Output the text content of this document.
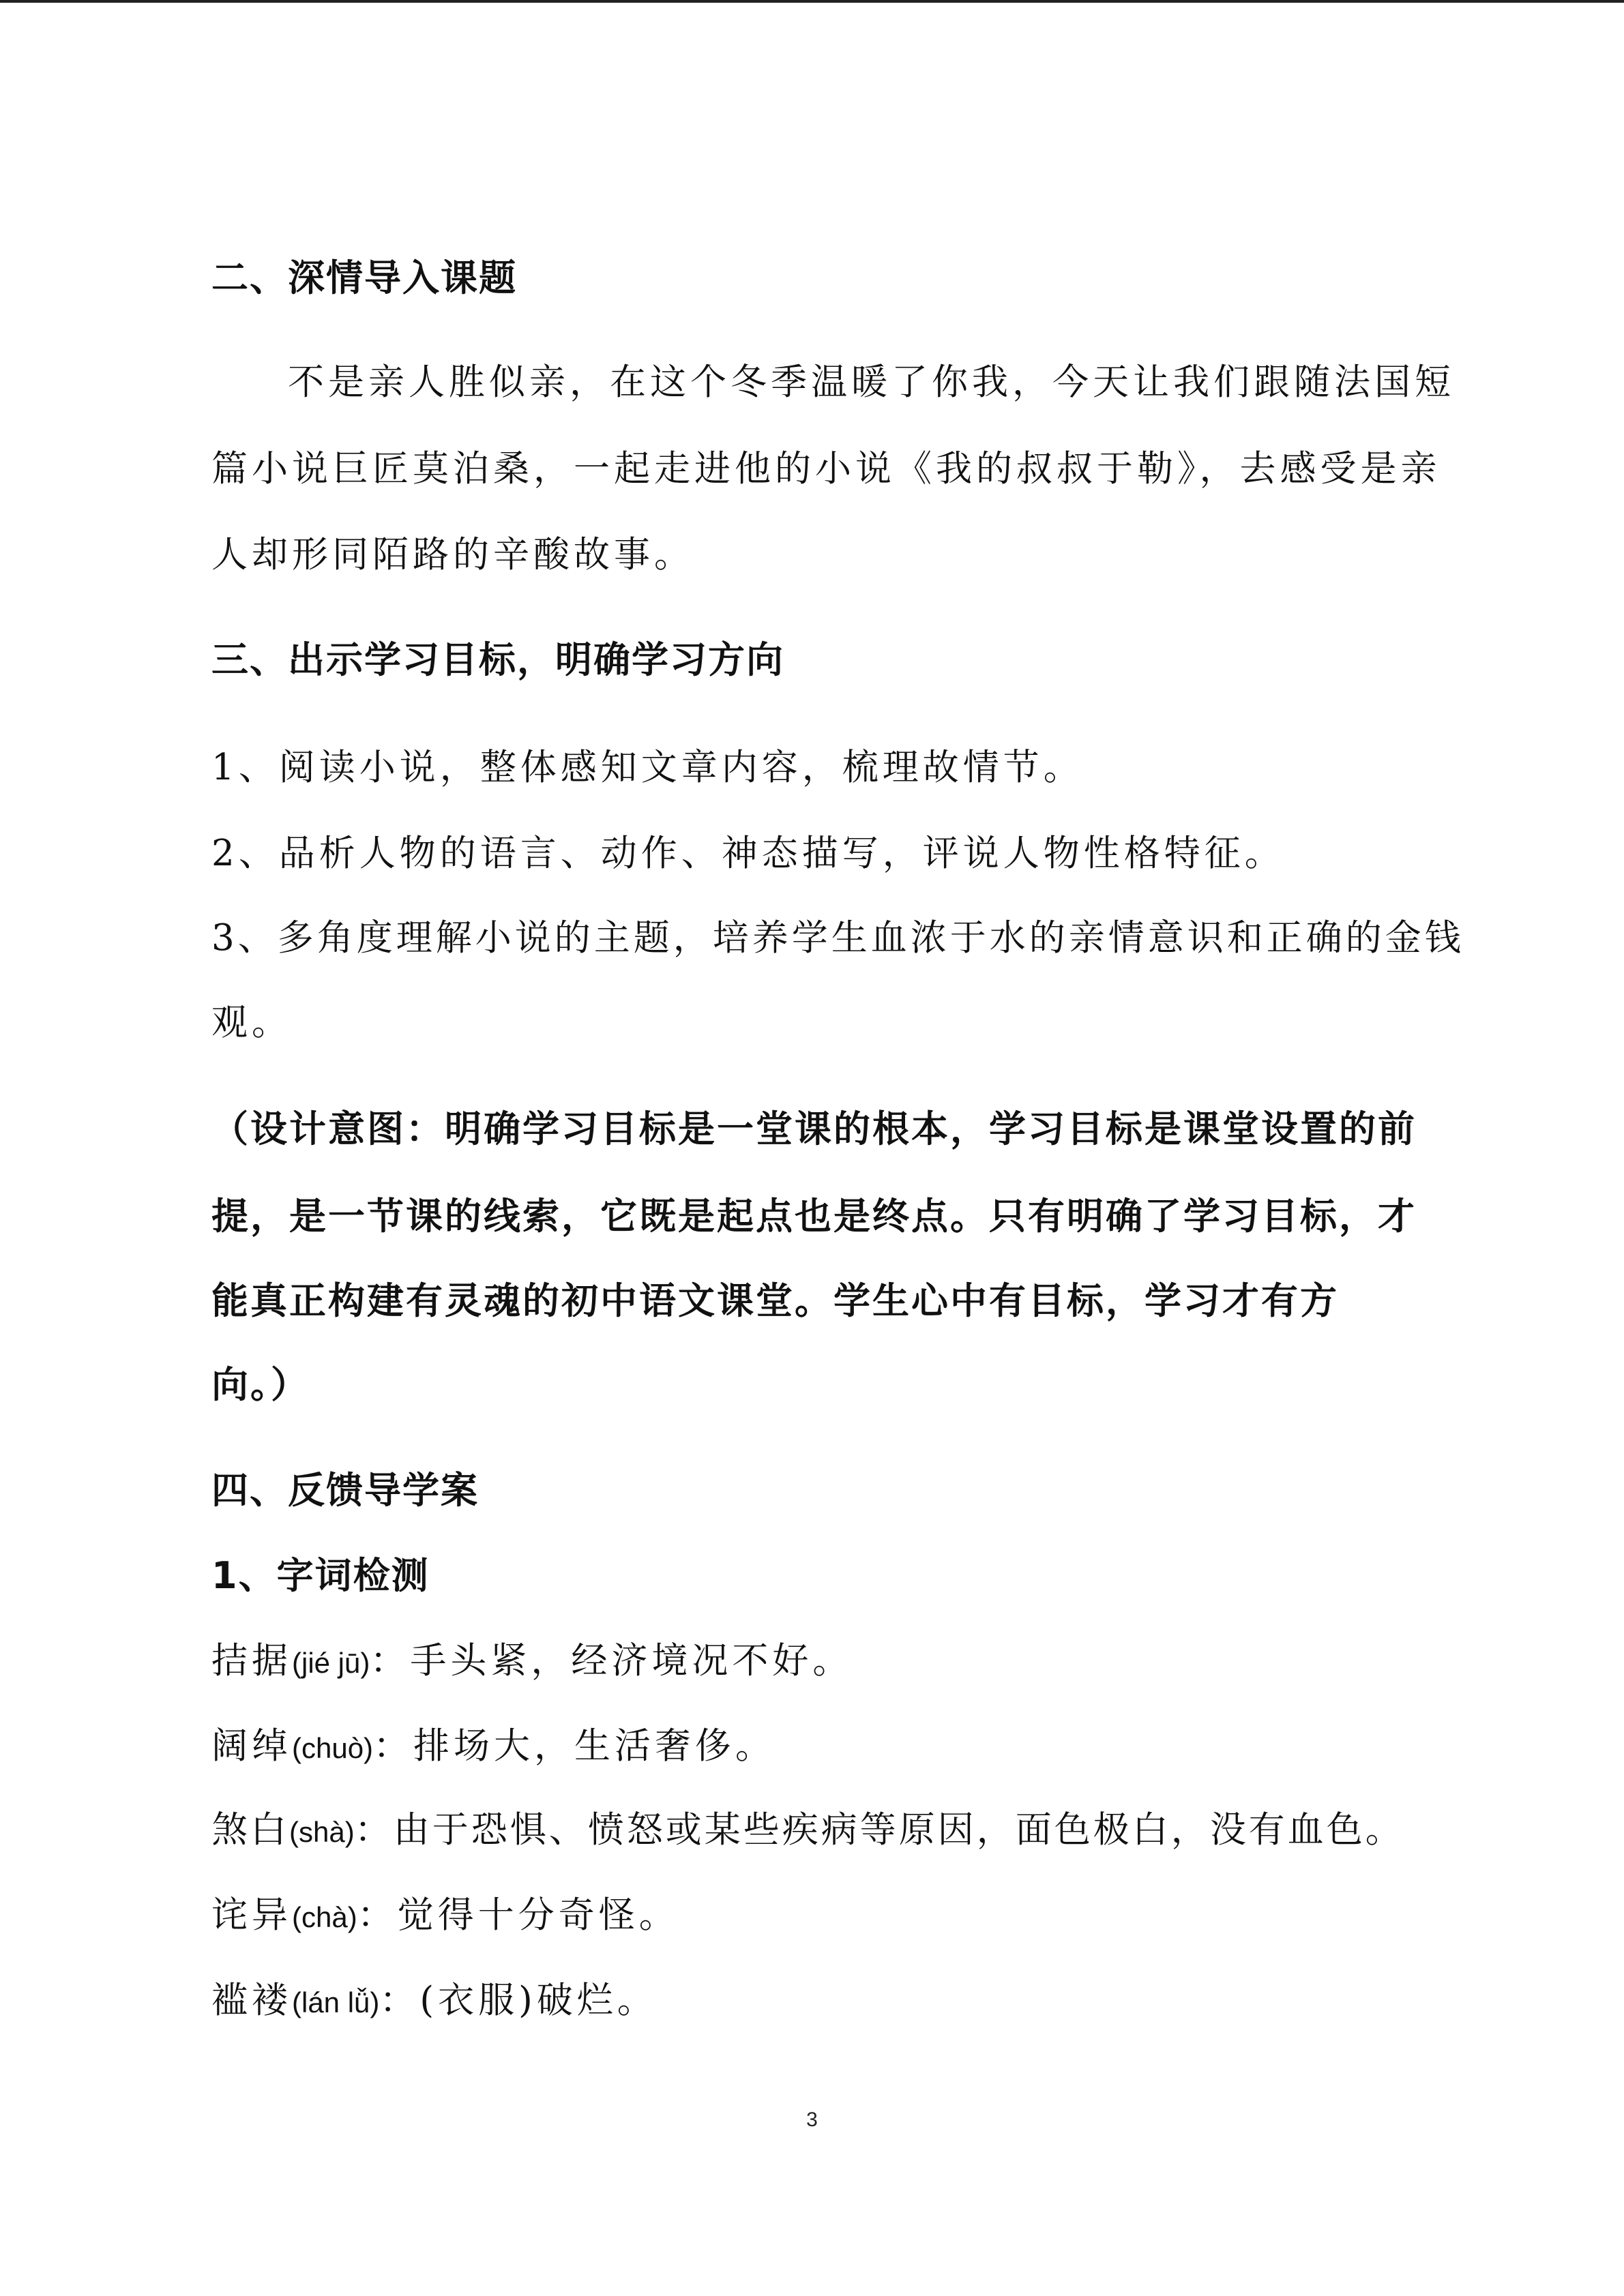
二、深情导入课题
不是亲人胜似亲，在这个冬季温暖了你我，今天让我们跟随法国短
篇小说巨匠莫泊桑，一起走进他的小说《我的叔叔于勒》，去感受是亲
人却形同陌路的辛酸故事。
三、出示学习目标，明确学习方向
1、阅读小说，整体感知文章内容，梳理故情节。
2、品析人物的语言、动作、神态描写，评说人物性格特征。
3、多角度理解小说的主题，培养学生血浓于水的亲情意识和正确的金钱
观。
（设计意图：明确学习目标是一堂课的根本，学习目标是课堂设置的前
提，是一节课的线索，它既是起点也是终点。只有明确了学习目标，才
能真正构建有灵魂的初中语文课堂。学生心中有目标，学习才有方
向。）
四、反馈导学案
1、字词检测
拮据(jié jū)：手头紧，经济境况不好。
阔绰(chuò)：排场大，生活奢侈。
煞白(shà)：由于恐惧、愤怒或某些疾病等原因，面色极白，没有血色。
诧异(chà)：觉得十分奇怪。
褴褛(lán lǚ)：(衣服)破烂。
3
